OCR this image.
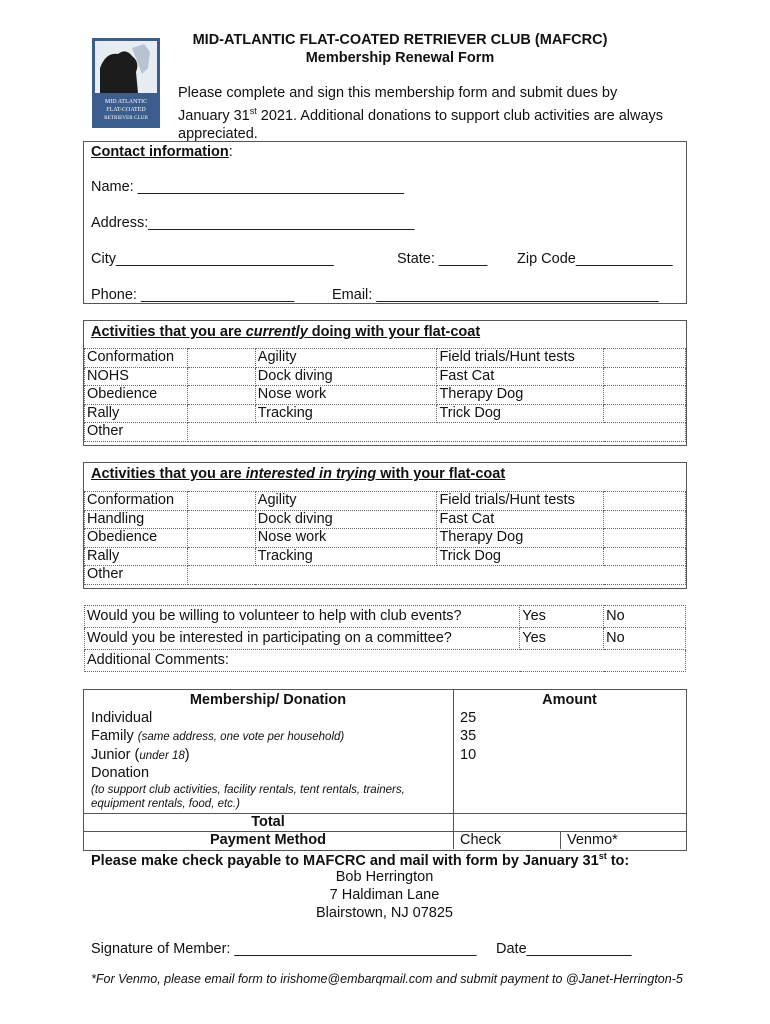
MID ATLANTIC
FLAT-COATED
RETRIEVER CLUB
MID-ATLANTIC FLAT-COATED RETRIEVER CLUB (MAFCRC)
Membership Renewal Form
Please complete and sign this membership form and submit dues by
January 31st 2021. Additional donations to support club activities are always
appreciated.
Contact information:
Name: _________________________________
Address:_________________________________
City___________________________	State: ______ Zip Code____________
Phone: ___________________	Email: ___________________________________
Activities that you are currently doing with your flat-coat
Conformation		Agility	Field trials/Hunt tests	
NOHS		Dock diving	Fast Cat	
Obedience		Nose work	Therapy Dog	
Rally		Tracking	Trick Dog	
Other				
Activities that you are interested in trying with your flat-coat
Conformation		Agility	Field trials/Hunt tests	
Handling		Dock diving	Fast Cat	
Obedience		Nose work	Therapy Dog	
Rally		Tracking	Trick Dog	
Other				
Would you be willing to volunteer to help with club events?	Yes	No
Would you be interested in participating on a committee?	Yes	No
Additional Comments:		
Membership/ Donation	Amount
Individual	25
Family (same address, one vote per household)	35
Junior (under 18)	10
Donation
(to support club activities, facility rentals, tent rentals, trainers, equipment rentals, food, etc.)
Total
Payment Method	Check	Venmo*
Please make check payable to MAFCRC and mail with form by January 31st to:
Bob Herrington
7 Haldiman Lane
Blairstown, NJ 07825
Signature of Member: ______________________________ Date_____________
*For Venmo, please email form to irishome@embarqmail.com and submit payment to @Janet-Herrington-5
